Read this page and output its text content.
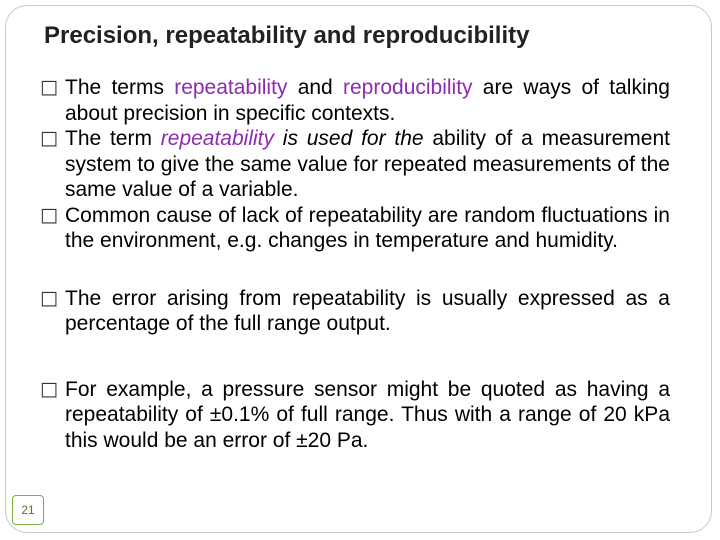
Precision, repeatability and reproducibility
□ The terms repeatability and reproducibility are ways of talking about precision in specific contexts.
□ The term repeatability is used for the ability of a measurement system to give the same value for repeated measurements of the same value of a variable.
□ Common cause of lack of repeatability are random fluctuations in the environment, e.g. changes in temperature and humidity.
□ The error arising from repeatability is usually expressed as a percentage of the full range output.
□ For example, a pressure sensor might be quoted as having a repeatability of ±0.1% of full range. Thus with a range of 20 kPa this would be an error of ±20 Pa.
21
